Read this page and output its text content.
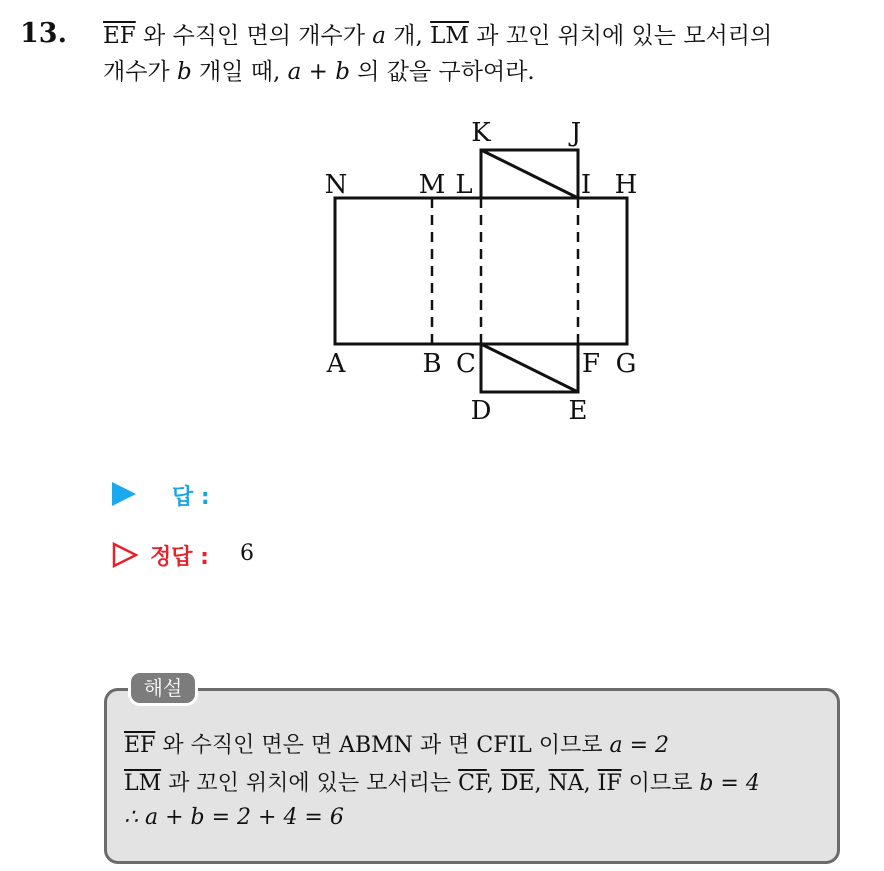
13. $\overline{EF}$ 와 수직인 면의 개수가 a 개, $\overline{LM}$ 과 꼬인 위치에 있는 모서리의
개수가 b 개일 때, a + b 의 값을 구하여라.
K	J
N	M L	I H
A	B C	F G
D	E
답 :
정답 : 6
해설
$\overline{EF}$ 와 수직인 면은 면 ABMN 과 면 CFIL 이므로 a = 2
$\overline{LM}$ 과 꼬인 위치에 있는 모서리는 $\overline{CF}$, $\overline{DE}$, $\overline{NA}$, $\overline{IF}$ 이므로 b = 4
∴ a + b = 2 + 4 = 6
